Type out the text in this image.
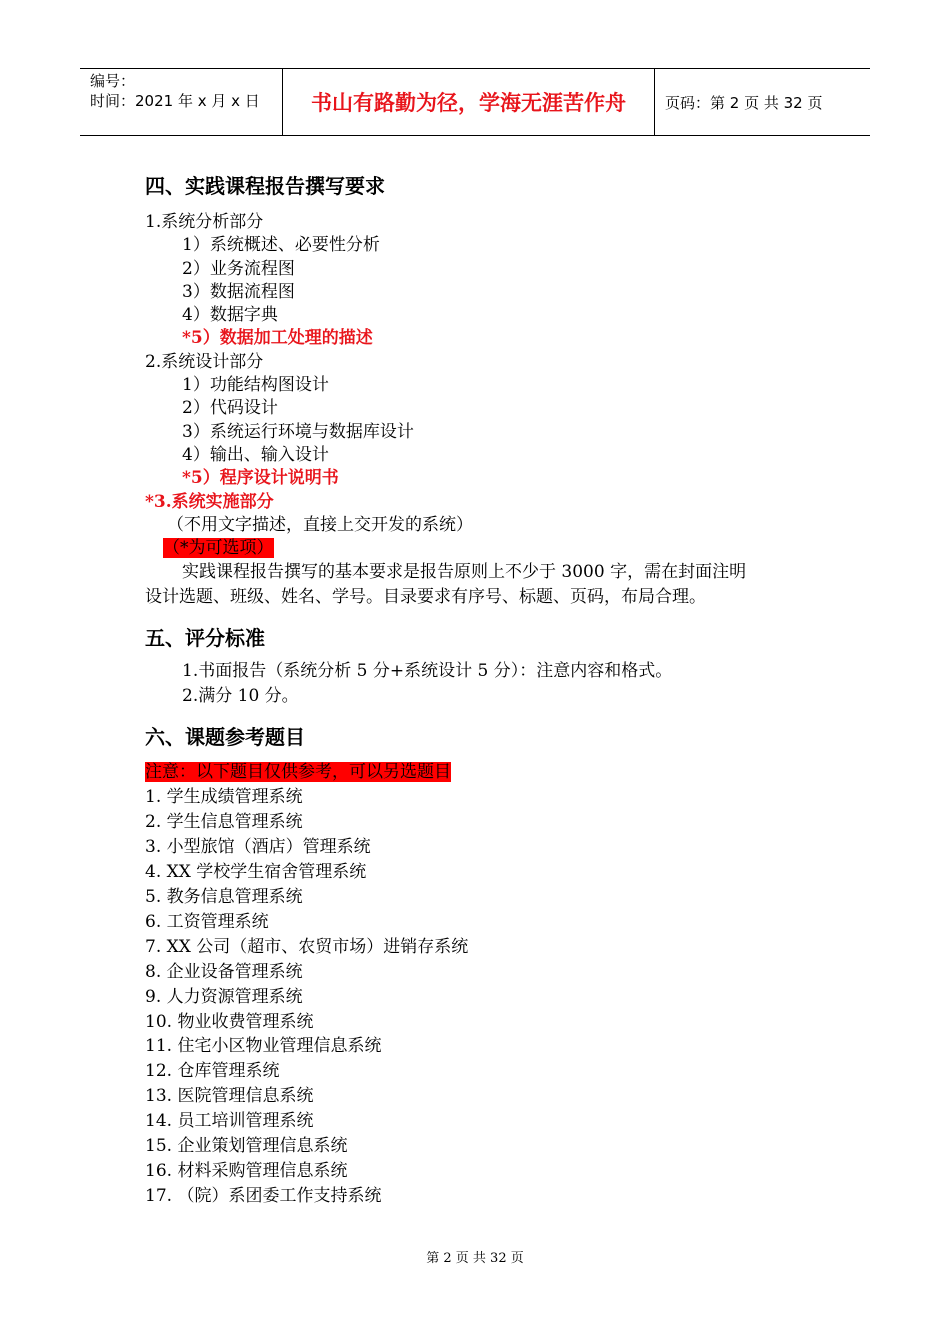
编号：
时间：2021 年 x 月 x 日	书山有路勤为径，学海无涯苦作舟	页码：第 2 页 共 32 页
四、实践课程报告撰写要求
1.系统分析部分
1）系统概述、必要性分析
2）业务流程图
3）数据流程图
4）数据字典
*5）数据加工处理的描述
2.系统设计部分
1）功能结构图设计
2）代码设计
3）系统运行环境与数据库设计
4）输出、输入设计
*5）程序设计说明书
*3.系统实施部分
（不用文字描述，直接上交开发的系统）
（*为可选项）
实践课程报告撰写的基本要求是报告原则上不少于 3000 字，需在封面注明
设计选题、班级、姓名、学号。目录要求有序号、标题、页码，布局合理。
五、评分标准
1.书面报告（系统分析 5 分+系统设计 5 分）：注意内容和格式。
2.满分 10 分。
六、课题参考题目
注意：以下题目仅供参考，可以另选题目
1. 学生成绩管理系统
2. 学生信息管理系统
3. 小型旅馆（酒店）管理系统
4. XX 学校学生宿舍管理系统
5. 教务信息管理系统
6. 工资管理系统
7. XX 公司（超市、农贸市场）进销存系统
8. 企业设备管理系统
9. 人力资源管理系统
10. 物业收费管理系统
11. 住宅小区物业管理信息系统
12. 仓库管理系统
13. 医院管理信息系统
14. 员工培训管理系统
15. 企业策划管理信息系统
16. 材料采购管理信息系统
17. （院）系团委工作支持系统
第 2 页 共 32 页
